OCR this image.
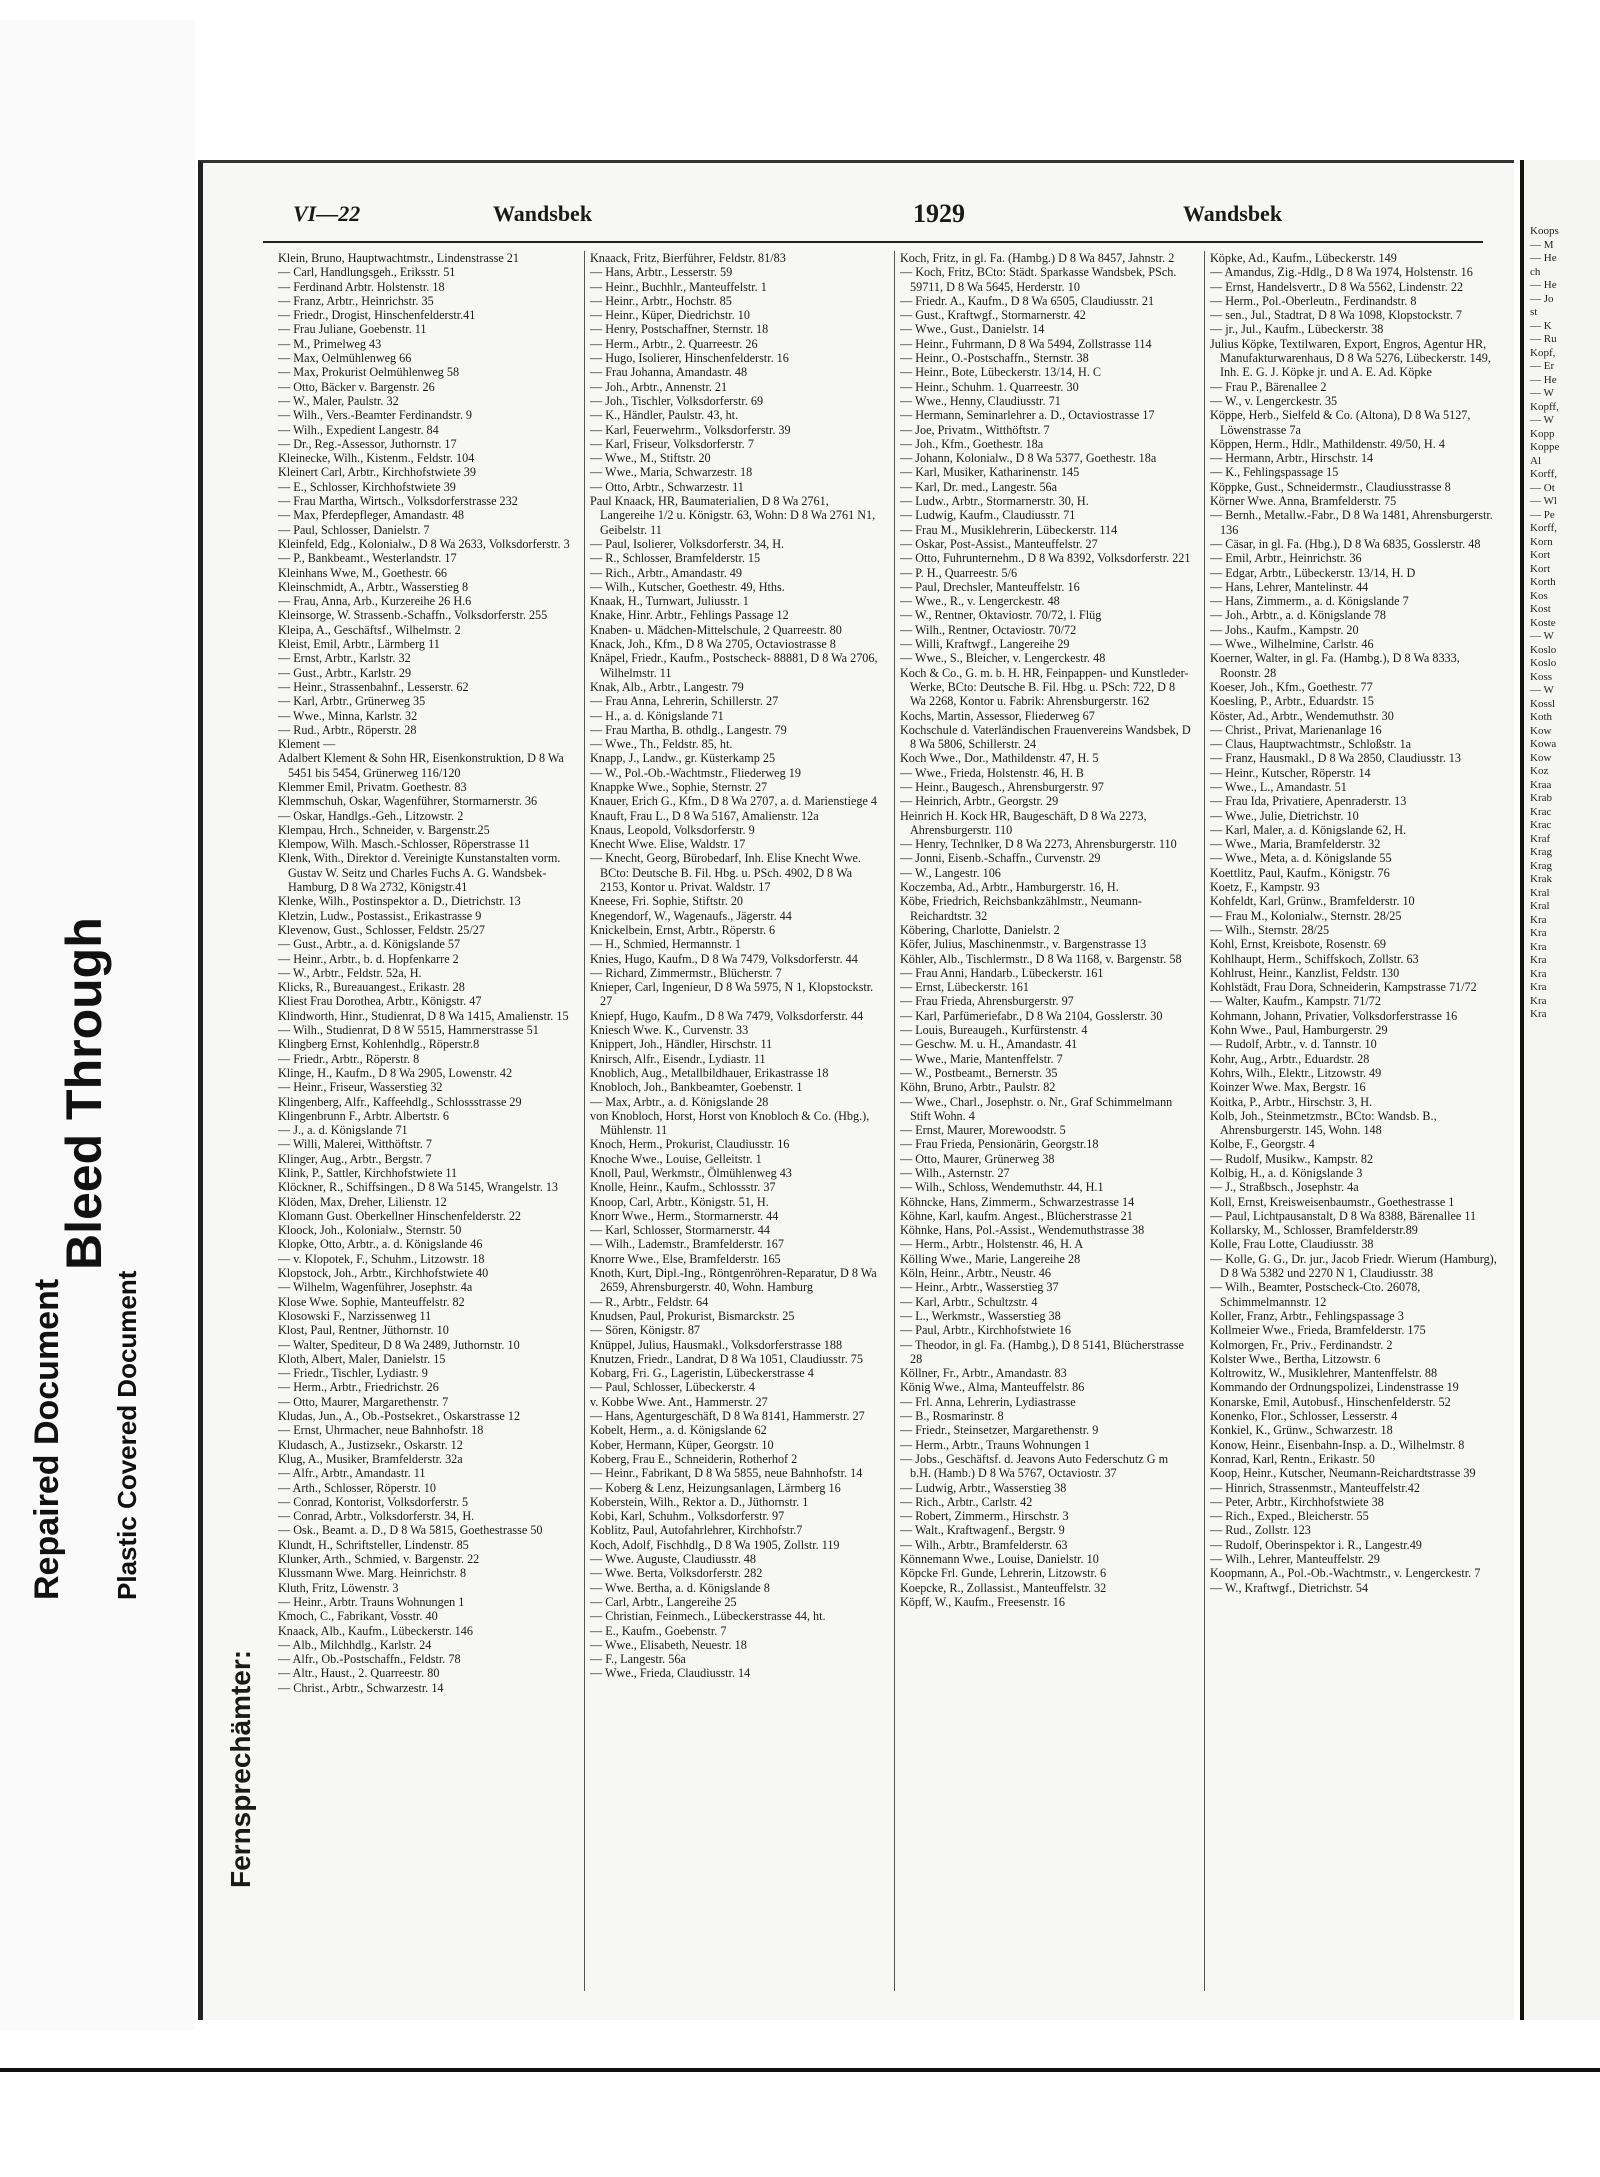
Bleed Through
Repaired Document Plastic Covered Document
VI—22	Wandsbek	1929	Wandsbek
Fernsprechämter:

Klein, Bruno, Hauptwachtmstr., Lindenstrasse 21

— Carl, Handlungsgeh., Eriksstr. 51

— Ferdinand Arbtr. Holstenstr. 18

— Franz, Arbtr., Heinrichstr. 35

— Friedr., Drogist, Hinschenfelderstr.41

— Frau Juliane, Goebenstr. 11

— M., Primelweg 43

— Max, Oelmühlenweg 66

— Max, Prokurist Oelmühlenweg 58

— Otto, Bäcker v. Bargenstr. 26

— W., Maler, Paulstr. 32

— Wilh., Vers.-Beamter Ferdinandstr. 9

— Wilh., Expedient Langestr. 84

— Dr., Reg.-Assessor, Juthornstr. 17

Kleinecke, Wilh., Kistenm., Feldstr. 104

Kleinert Carl, Arbtr., Kirchhofstwiete 39

— E., Schlosser, Kirchhofstwiete 39

— Frau Martha, Wirtsch., Volksdorferstrasse 232

— Max, Pferdepfleger, Amandastr. 48

— Paul, Schlosser, Danielstr. 7

Kleinfeld, Edg., Kolonialw., D 8 Wa 2633, Volksdorferstr. 3

— P., Bankbeamt., Westerlandstr. 17

Kleinhans Wwe, M., Goethestr. 66

Kleinschmidt, A., Arbtr., Wasserstieg 8

— Frau, Anna, Arb., Kurzereihe 26 H.6

Kleinsorge, W. Strassenb.-Schaffn., Volksdorferstr. 255

Kleipa, A., Geschäftsf., Wilhelmstr. 2

Kleist, Emil, Arbtr., Lärmberg 11

— Ernst, Arbtr., Karlstr. 32

— Gust., Arbtr., Karlstr. 29

— Heinr., Strassenbahnf., Lesserstr. 62

— Karl, Arbtr., Grünerweg 35

— Wwe., Minna, Karlstr. 32

— Rud., Arbtr., Röperstr. 28

Klement —

Adalbert Klement & Sohn HR, Eisenkonstruktion, D 8 Wa 5451 bis 5454, Grünerweg 116/120

Klemmer Emil, Privatm. Goethestr. 83

Klemmschuh, Oskar, Wagenführer, Stormarnerstr. 36

— Oskar, Handlgs.-Geh., Litzowstr. 2

Klempau, Hrch., Schneider, v. Bargenstr.25

Klempow, Wilh. Masch.-Schlosser, Röperstrasse 11

Klenk, With., Direktor d. Vereinigte Kunstanstalten vorm. Gustav W. Seitz und Charles Fuchs A. G. Wandsbek-Hamburg, D 8 Wa 2732, Königstr.41

Klenke, Wilh., Postinspektor a. D., Dietrichstr. 13

Kletzin, Ludw., Postassist., Erikastrasse 9

Klevenow, Gust., Schlosser, Feldstr. 25/27

— Gust., Arbtr., a. d. Königslande 57

— Heinr., Arbtr., b. d. Hopfenkarre 2

— W., Arbtr., Feldstr. 52a, H.

Klicks, R., Bureauangest., Erikastr. 28

Kliest Frau Dorothea, Arbtr., Königstr. 47

Klindworth, Hinr., Studienrat, D 8 Wa 1415, Amalienstr. 15

— Wilh., Studienrat, D 8 W 5515, Hamrnerstrasse 51

Klingberg Ernst, Kohlenhdlg., Röperstr.8

— Friedr., Arbtr., Röperstr. 8

Klinge, H., Kaufm., D 8 Wa 2905, Lowenstr. 42

— Heinr., Friseur, Wasserstieg 32

Klingenberg, Alfr., Kaffeehdlg., Schlossstrasse 29

Klingenbrunn F., Arbtr. Albertstr. 6

— J., a. d. Königslande 71

— Willi, Malerei, Witthöftstr. 7

Klinger, Aug., Arbtr., Bergstr. 7

Klink, P., Sattler, Kirchhofstwiete 11

Klöckner, R., Schiffsingen., D 8 Wa 5145, Wrangelstr. 13

Klöden, Max, Dreher, Lilienstr. 12

Klomann Gust. Oberkellner Hinschenfelderstr. 22

Kloock, Joh., Kolonialw., Sternstr. 50

Klopke, Otto, Arbtr., a. d. Königslande 46

— v. Klopotek, F., Schuhm., Litzowstr. 18

Klopstock, Joh., Arbtr., Kirchhofstwiete 40

— Wilhelm, Wagenführer, Josephstr. 4a

Klose Wwe. Sophie, Manteuffelstr. 82

Klosowski F., Narzissenweg 11

Klost, Paul, Rentner, Jüthornstr. 10

— Walter, Spediteur, D 8 Wa 2489, Juthornstr. 10

Kloth, Albert, Maler, Danielstr. 15

— Friedr., Tischler, Lydiastr. 9

— Herm., Arbtr., Friedrichstr. 26

— Otto, Maurer, Margarethenstr. 7

Kludas, Jun., A., Ob.-Postsekret., Oskarstrasse 12

— Ernst, Uhrmacher, neue Bahnhofstr. 18

Kludasch, A., Justizsekr., Oskarstr. 12

Klug, A., Musiker, Bramfelderstr. 32a

— Alfr., Arbtr., Amandastr. 11

— Arth., Schlosser, Röperstr. 10

— Conrad, Kontorist, Volksdorferstr. 5

— Conrad, Arbtr., Volksdorferstr. 34, H.

— Osk., Beamt. a. D., D 8 Wa 5815, Goethestrasse 50

Klundt, H., Schriftsteller, Lindenstr. 85

Klunker, Arth., Schmied, v. Bargenstr. 22

Klussmann Wwe. Marg. Heinrichstr. 8

Kluth, Fritz, Löwenstr. 3

— Heinr., Arbtr. Trauns Wohnungen 1

Kmoch, C., Fabrikant, Vosstr. 40

Knaack, Alb., Kaufm., Lübeckerstr. 146

— Alb., Milchhdlg., Karlstr. 24

— Alfr., Ob.-Postschaffn., Feldstr. 78

— Altr., Haust., 2. Quarreestr. 80

— Christ., Arbtr., Schwarzestr. 14

Knaack, Fritz, Bierführer, Feldstr. 81/83

— Hans, Arbtr., Lesserstr. 59

— Heinr., Buchhlr., Manteuffelstr. 1

— Heinr., Arbtr., Hochstr. 85

— Heinr., Küper, Diedrichstr. 10

— Henry, Postschaffner, Sternstr. 18

— Herm., Arbtr., 2. Quarreestr. 26

— Hugo, Isolierer, Hinschenfelderstr. 16

— Frau Johanna, Amandastr. 48

— Joh., Arbtr., Annenstr. 21

— Joh., Tischler, Volksdorferstr. 69

— K., Händler, Paulstr. 43, ht.

— Karl, Feuerwehrm., Volksdorferstr. 39

— Karl, Friseur, Volksdorferstr. 7

— Wwe., M., Stiftstr. 20

— Wwe., Maria, Schwarzestr. 18

— Otto, Arbtr., Schwarzestr. 11

Paul Knaack, HR, Baumaterialien, D 8 Wa 2761, Langereihe 1/2 u. Königstr. 63, Wohn: D 8 Wa 2761 N1, Geibelstr. 11

— Paul, Isolierer, Volksdorferstr. 34, H.

— R., Schlosser, Bramfelderstr. 15

— Rich., Arbtr., Amandastr. 49

— Wilh., Kutscher, Goethestr. 49, Hths.

Knaak, H., Turnwart, Juliusstr. 1

Knake, Hinr. Arbtr., Fehlings Passage 12

Knaben- u. Mädchen-Mittelschule, 2 Quarreestr. 80

Knack, Joh., Kfm., D 8 Wa 2705, Octaviostrasse 8

Knäpel, Friedr., Kaufm., Postscheck- 88881, D 8 Wa 2706, Wilhelmstr. 11

Knak, Alb., Arbtr., Langestr. 79

— Frau Anna, Lehrerin, Schillerstr. 27

— H., a. d. Königslande 71

— Frau Martha, B. othdlg., Langestr. 79

— Wwe., Th., Feldstr. 85, ht.

Knapp, J., Landw., gr. Küsterkamp 25

— W., Pol.-Ob.-Wachtmstr., Fliederweg 19

Knappke Wwe., Sophie, Sternstr. 27

Knauer, Erich G., Kfm., D 8 Wa 2707, a. d. Marienstiege 4

Knauft, Frau L., D 8 Wa 5167, Amalienstr. 12a

Knaus, Leopold, Volksdorferstr. 9

Knecht Wwe. Elise, Waldstr. 17

— Knecht, Georg, Bürobedarf, Inh. Elise Knecht Wwe. BCto: Deutsche B. Fil. Hbg. u. PSch. 4902, D 8 Wa 2153, Kontor u. Privat. Waldstr. 17

Kneese, Fri. Sophie, Stiftstr. 20

Knegendorf, W., Wagenaufs., Jägerstr. 44

Knickelbein, Ernst, Arbtr., Röperstr. 6

— H., Schmied, Hermannstr. 1

Knies, Hugo, Kaufm., D 8 Wa 7479, Volksdorferstr. 44

— Richard, Zimmermstr., Blücherstr. 7

Knieper, Carl, Ingenieur, D 8 Wa 5975, N 1, Klopstockstr. 27

Kniepf, Hugo, Kaufm., D 8 Wa 7479, Volksdorferstr. 44

Kniesch Wwe. K., Curvenstr. 33

Knippert, Joh., Händler, Hirschstr. 11

Knirsch, Alfr., Eisendr., Lydiastr. 11

Knoblich, Aug., Metallbildhauer, Erikastrasse 18

Knobloch, Joh., Bankbeamter, Goebenstr. 1

— Max, Arbtr., a. d. Königslande 28

von Knobloch, Horst, Horst von Knobloch & Co. (Hbg.), Mühlenstr. 11

Knoch, Herm., Prokurist, Claudiusstr. 16

Knoche Wwe., Louise, Gelleitstr. 1

Knoll, Paul, Werkmstr., Ölmühlenweg 43

Knolle, Heinr., Kaufm., Schlossstr. 37

Knoop, Carl, Arbtr., Königstr. 51, H.

Knorr Wwe., Herm., Stormarnerstr. 44

— Karl, Schlosser, Stormarnerstr. 44

— Wilh., Lademstr., Bramfelderstr. 167

Knorre Wwe., Else, Bramfelderstr. 165

Knoth, Kurt, Dipl.-Ing., Röntgenröhren-Reparatur, D 8 Wa 2659, Ahrensburgerstr. 40, Wohn. Hamburg

— R., Arbtr., Feldstr. 64

Knudsen, Paul, Prokurist, Bismarckstr. 25

— Sören, Königstr. 87

Knüppel, Julius, Hausmakl., Volksdorferstrasse 188

Knutzen, Friedr., Landrat, D 8 Wa 1051, Claudiusstr. 75

Kobarg, Fri. G., Lageristin, Lübeckerstrasse 4

— Paul, Schlosser, Lübeckerstr. 4

v. Kobbe Wwe. Ant., Hammerstr. 27

— Hans, Agenturgeschäft, D 8 Wa 8141, Hammerstr. 27

Kobelt, Herm., a. d. Königslande 62

Kober, Hermann, Küper, Georgstr. 10

Koberg, Frau E., Schneiderin, Rotherhof 2

— Heinr., Fabrikant, D 8 Wa 5855, neue Bahnhofstr. 14

— Koberg & Lenz, Heizungsanlagen, Lärmberg 16

Koberstein, Wilh., Rektor a. D., Jüthornstr. 1

Kobi, Karl, Schuhm., Volksdorferstr. 97

Koblitz, Paul, Autofahrlehrer, Kirchhofstr.7

Koch, Adolf, Fischhdlg., D 8 Wa 1905, Zollstr. 119

— Wwe. Auguste, Claudiusstr. 48

— Wwe. Berta, Volksdorferstr. 282

— Wwe. Bertha, a. d. Königslande 8

— Carl, Arbtr., Langereihe 25

— Christian, Feinmech., Lübeckerstrasse 44, ht.

— E., Kaufm., Goebenstr. 7

— Wwe., Elisabeth, Neuestr. 18

— F., Langestr. 56a

— Wwe., Frieda, Claudiusstr. 14

Koch, Fritz, in gl. Fa. (Hambg.) D 8 Wa 8457, Jahnstr. 2

— Koch, Fritz, BCto: Städt. Sparkasse Wandsbek, PSch. 59711, D 8 Wa 5645, Herderstr. 10

— Friedr. A., Kaufm., D 8 Wa 6505, Claudiusstr. 21

— Gust., Kraftwgf., Stormarnerstr. 42

— Wwe., Gust., Danielstr. 14

— Heinr., Fuhrmann, D 8 Wa 5494, Zollstrasse 114

— Heinr., O.-Postschaffn., Sternstr. 38

— Heinr., Bote, Lübeckerstr. 13/14, H. C

— Heinr., Schuhm. 1. Quarreestr. 30

— Wwe., Henny, Claudiusstr. 71

— Hermann, Seminarlehrer a. D., Octaviostrasse 17

— Joe, Privatm., Witthöftstr. 7

— Joh., Kfm., Goethestr. 18a

— Johann, Kolonialw., D 8 Wa 5377, Goethestr. 18a

— Karl, Musiker, Katharinenstr. 145

— Karl, Dr. med., Langestr. 56a

— Ludw., Arbtr., Stormarnerstr. 30, H.

— Ludwig, Kaufm., Claudiusstr. 71

— Frau M., Musiklehrerin, Lübeckerstr. 114

— Oskar, Post-Assist., Manteuffelstr. 27

— Otto, Fuhrunternehm., D 8 Wa 8392, Volksdorferstr. 221

— P. H., Quarreestr. 5/6

— Paul, Drechsler, Manteuffelstr. 16

— Wwe., R., v. Lengerckestr. 48

— W., Rentner, Oktaviostr. 70/72, l. Flüg

— Wilh., Rentner, Octaviostr. 70/72

— Willi, Kraftwgf., Langereihe 29

— Wwe., S., Bleicher, v. Lengerckestr. 48

Koch & Co., G. m. b. H. HR, Feinpappen- und Kunstleder-Werke, BCto: Deutsche B. Fil. Hbg. u. PSch: 722, D 8 Wa 2268, Kontor u. Fabrik: Ahrensburgerstr. 162

Kochs, Martin, Assessor, Fliederweg 67

Kochschule d. Vaterländischen Frauenvereins Wandsbek, D 8 Wa 5806, Schillerstr. 24

Koch Wwe., Dor., Mathildenstr. 47, H. 5

— Wwe., Frieda, Holstenstr. 46, H. B

— Heinr., Baugesch., Ahrensburgerstr. 97

— Heinrich, Arbtr., Georgstr. 29

Heinrich H. Kock HR, Baugeschäft, D 8 Wa 2273, Ahrensburgerstr. 110

— Henry, Technlker, D 8 Wa 2273, Ahrensburgerstr. 110

— Jonni, Eisenb.-Schaffn., Curvenstr. 29

— W., Langestr. 106

Koczemba, Ad., Arbtr., Hamburgerstr. 16, H.

Köbe, Friedrich, Reichsbankzählmstr., Neumann-Reichardtstr. 32

Köbering, Charlotte, Danielstr. 2

Köfer, Julius, Maschinenmstr., v. Bargenstrasse 13

Köhler, Alb., Tischlermstr., D 8 Wa 1168, v. Bargenstr. 58

— Frau Anni, Handarb., Lübeckerstr. 161

— Ernst, Lübeckerstr. 161

— Frau Frieda, Ahrensburgerstr. 97

— Karl, Parfümeriefabr., D 8 Wa 2104, Gosslerstr. 30

— Louis, Bureaugeh., Kurfürstenstr. 4

— Geschw. M. u. H., Amandastr. 41

— Wwe., Marie, Mantenffelstr. 7

— W., Postbeamt., Bernerstr. 35

Köhn, Bruno, Arbtr., Paulstr. 82

— Wwe., Charl., Josephstr. o. Nr., Graf Schimmelmann Stift Wohn. 4

— Ernst, Maurer, Morewoodstr. 5

— Frau Frieda, Pensionärin, Georgstr.18

— Otto, Maurer, Grünerweg 38

— Wilh., Asternstr. 27

— Wilh., Schloss, Wendemuthstr. 44, H.1

Köhncke, Hans, Zimmerm., Schwarzestrasse 14

Köhne, Karl, kaufm. Angest., Blücherstrasse 21

Köhnke, Hans, Pol.-Assist., Wendemuthstrasse 38

— Herm., Arbtr., Holstenstr. 46, H. A

Kölling Wwe., Marie, Langereihe 28

Köln, Heinr., Arbtr., Neustr. 46

— Heinr., Arbtr., Wasserstieg 37

— Karl, Arbtr., Schultzstr. 4

— L., Werkmstr., Wasserstieg 38

— Paul, Arbtr., Kirchhofstwiete 16

— Theodor, in gl. Fa. (Hambg.), D 8 5141, Blücherstrasse 28

Köllner, Fr., Arbtr., Amandastr. 83

König Wwe., Alma, Manteuffelstr. 86

— Frl. Anna, Lehrerin, Lydiastrasse

— B., Rosmarinstr. 8

— Friedr., Steinsetzer, Margarethenstr. 9

— Herm., Arbtr., Trauns Wohnungen 1

— Jobs., Geschäftsf. d. Jeavons Auto Federschutz G m b.H. (Hamb.) D 8 Wa 5767, Octaviostr. 37

— Ludwig, Arbtr., Wasserstieg 38

— Rich., Arbtr., Carlstr. 42

— Robert, Zimmerm., Hirschstr. 3

— Walt., Kraftwagenf., Bergstr. 9

— Wilh., Arbtr., Bramfelderstr. 63

Könnemann Wwe., Louise, Danielstr. 10

Köpcke Frl. Gunde, Lehrerin, Litzowstr. 6

Koepcke, R., Zollassist., Manteuffelstr. 32

Köpff, W., Kaufm., Freesenstr. 16

Köpke, Ad., Kaufm., Lübeckerstr. 149

— Amandus, Zig.-Hdlg., D 8 Wa 1974, Holstenstr. 16

— Ernst, Handelsvertr., D 8 Wa 5562, Lindenstr. 22

— Herm., Pol.-Oberleutn., Ferdinandstr. 8

— sen., Jul., Stadtrat, D 8 Wa 1098, Klopstockstr. 7

— jr., Jul., Kaufm., Lübeckerstr. 38

Julius Köpke, Textilwaren, Export, Engros, Agentur HR, Manufakturwarenhaus, D 8 Wa 5276, Lübeckerstr. 149, Inh. E. G. J. Köpke jr. und A. E. Ad. Köpke

— Frau P., Bärenallee 2

— W., v. Lengerckestr. 35

Köppe, Herb., Sielfeld & Co. (Altona), D 8 Wa 5127, Löwenstrasse 7a

Köppen, Herm., Hdlr., Mathildenstr. 49/50, H. 4

— Hermann, Arbtr., Hirschstr. 14

— K., Fehlingspassage 15

Köppke, Gust., Schneidermstr., Claudiusstrasse 8

Körner Wwe. Anna, Bramfelderstr. 75

— Bernh., Metallw.-Fabr., D 8 Wa 1481, Ahrensburgerstr. 136

— Cäsar, in gl. Fa. (Hbg.), D 8 Wa 6835, Gosslerstr. 48

— Emil, Arbtr., Heinrichstr. 36

— Edgar, Arbtr., Lübeckerstr. 13/14, H. D

— Hans, Lehrer, Mantelinstr. 44

— Hans, Zimmerm., a. d. Königslande 7

— Joh., Arbtr., a. d. Königslande 78

— Johs., Kaufm., Kampstr. 20

— Wwe., Wilhelmine, Carlstr. 46

Koerner, Walter, in gl. Fa. (Hambg.), D 8 Wa 8333, Roonstr. 28

Koeser, Joh., Kfm., Goethestr. 77

Koesling, P., Arbtr., Eduardstr. 15

Köster, Ad., Arbtr., Wendemuthstr. 30

— Christ., Privat, Marienanlage 16

— Claus, Hauptwachtmstr., Schloßstr. 1a

— Franz, Hausmakl., D 8 Wa 2850, Claudiusstr. 13

— Heinr., Kutscher, Röperstr. 14

— Wwe., L., Amandastr. 51

— Frau Ida, Privatiere, Apenraderstr. 13

— Wwe., Julie, Dietrichstr. 10

— Karl, Maler, a. d. Königslande 62, H.

— Wwe., Maria, Bramfelderstr. 32

— Wwe., Meta, a. d. Königslande 55

Koettlitz, Paul, Kaufm., Königstr. 76

Koetz, F., Kampstr. 93

Kohfeldt, Karl, Grünw., Bramfelderstr. 10

— Frau M., Kolonialw., Sternstr. 28/25

— Wilh., Sternstr. 28/25

Kohl, Ernst, Kreisbote, Rosenstr. 69

Kohlhaupt, Herm., Schiffskoch, Zollstr. 63

Kohlrust, Heinr., Kanzlist, Feldstr. 130

Kohlstädt, Frau Dora, Schneiderin, Kampstrasse 71/72

— Walter, Kaufm., Kampstr. 71/72

Kohmann, Johann, Privatier, Volksdorferstrasse 16

Kohn Wwe., Paul, Hamburgerstr. 29

— Rudolf, Arbtr., v. d. Tannstr. 10

Kohr, Aug., Arbtr., Eduardstr. 28

Kohrs, Wilh., Elektr., Litzowstr. 49

Koinzer Wwe. Max, Bergstr. 16

Koitka, P., Arbtr., Hirschstr. 3, H.

Kolb, Joh., Steinmetzmstr., BCto: Wandsb. B., Ahrensburgerstr. 145, Wohn. 148

Kolbe, F., Georgstr. 4

— Rudolf, Musikw., Kampstr. 82

Kolbig, H., a. d. Königslande 3

— J., Straßbsch., Josephstr. 4a

Koll, Ernst, Kreisweisenbaumstr., Goethestrasse 1

— Paul, Lichtpausanstalt, D 8 Wa 8388, Bärenallee 11

Kollarsky, M., Schlosser, Bramfelderstr.89

Kolle, Frau Lotte, Claudiusstr. 38

— Kolle, G. G., Dr. jur., Jacob Friedr. Wierum (Hamburg), D 8 Wa 5382 und 2270 N 1, Claudiusstr. 38

— Wilh., Beamter, Postscheck-Cto. 26078, Schimmelmannstr. 12

Koller, Franz, Arbtr., Fehlingspassage 3

Kollmeier Wwe., Frieda, Bramfelderstr. 175

Kolmorgen, Fr., Priv., Ferdinandstr. 2

Kolster Wwe., Bertha, Litzowstr. 6

Koltrowitz, W., Musiklehrer, Mantenffelstr. 88

Kommando der Ordnungspolizei, Lindenstrasse 19

Konarske, Emil, Autobusf., Hinschenfelderstr. 52

Konenko, Flor., Schlosser, Lesserstr. 4

Konkiel, K., Grünw., Schwarzestr. 18

Konow, Heinr., Eisenbahn-Insp. a. D., Wilhelmstr. 8

Konrad, Karl, Rentn., Erikastr. 50

Koop, Heinr., Kutscher, Neumann-Reichardtstrasse 39

— Hinrich, Strassenmstr., Manteuffelstr.42

— Peter, Arbtr., Kirchhofstwiete 38

— Rich., Exped., Bleicherstr. 55

— Rud., Zollstr. 123

— Rudolf, Oberinspektor i. R., Langestr.49

— Wilh., Lehrer, Manteuffelstr. 29

Koopmann, A., Pol.-Ob.-Wachtmstr., v. Lengerckestr. 7

— W., Kraftwgf., Dietrichstr. 54

Koops
— M
— He
ch
— He
— Jo
st
— K
— Ru
Kopf,
— Er
— He
— W
Kopff,
— W
Kopp
Koppe
Al
Korff,
— Ot
— Wl
— Pe
Korff,
Korn
Kort
Kort
Korth
Kos
Kost
Koste
— W
Koslo
Koslo
Koss
— W
Kossl
Koth
Kow
Kowa
Kow
Koz
Kraa
Krab
Krac
Krac
Kraf
Krag
Krag
Krak
Kral
Kral
Kra
Kra
Kra
Kra
Kra
Kra
Kra
Kra
